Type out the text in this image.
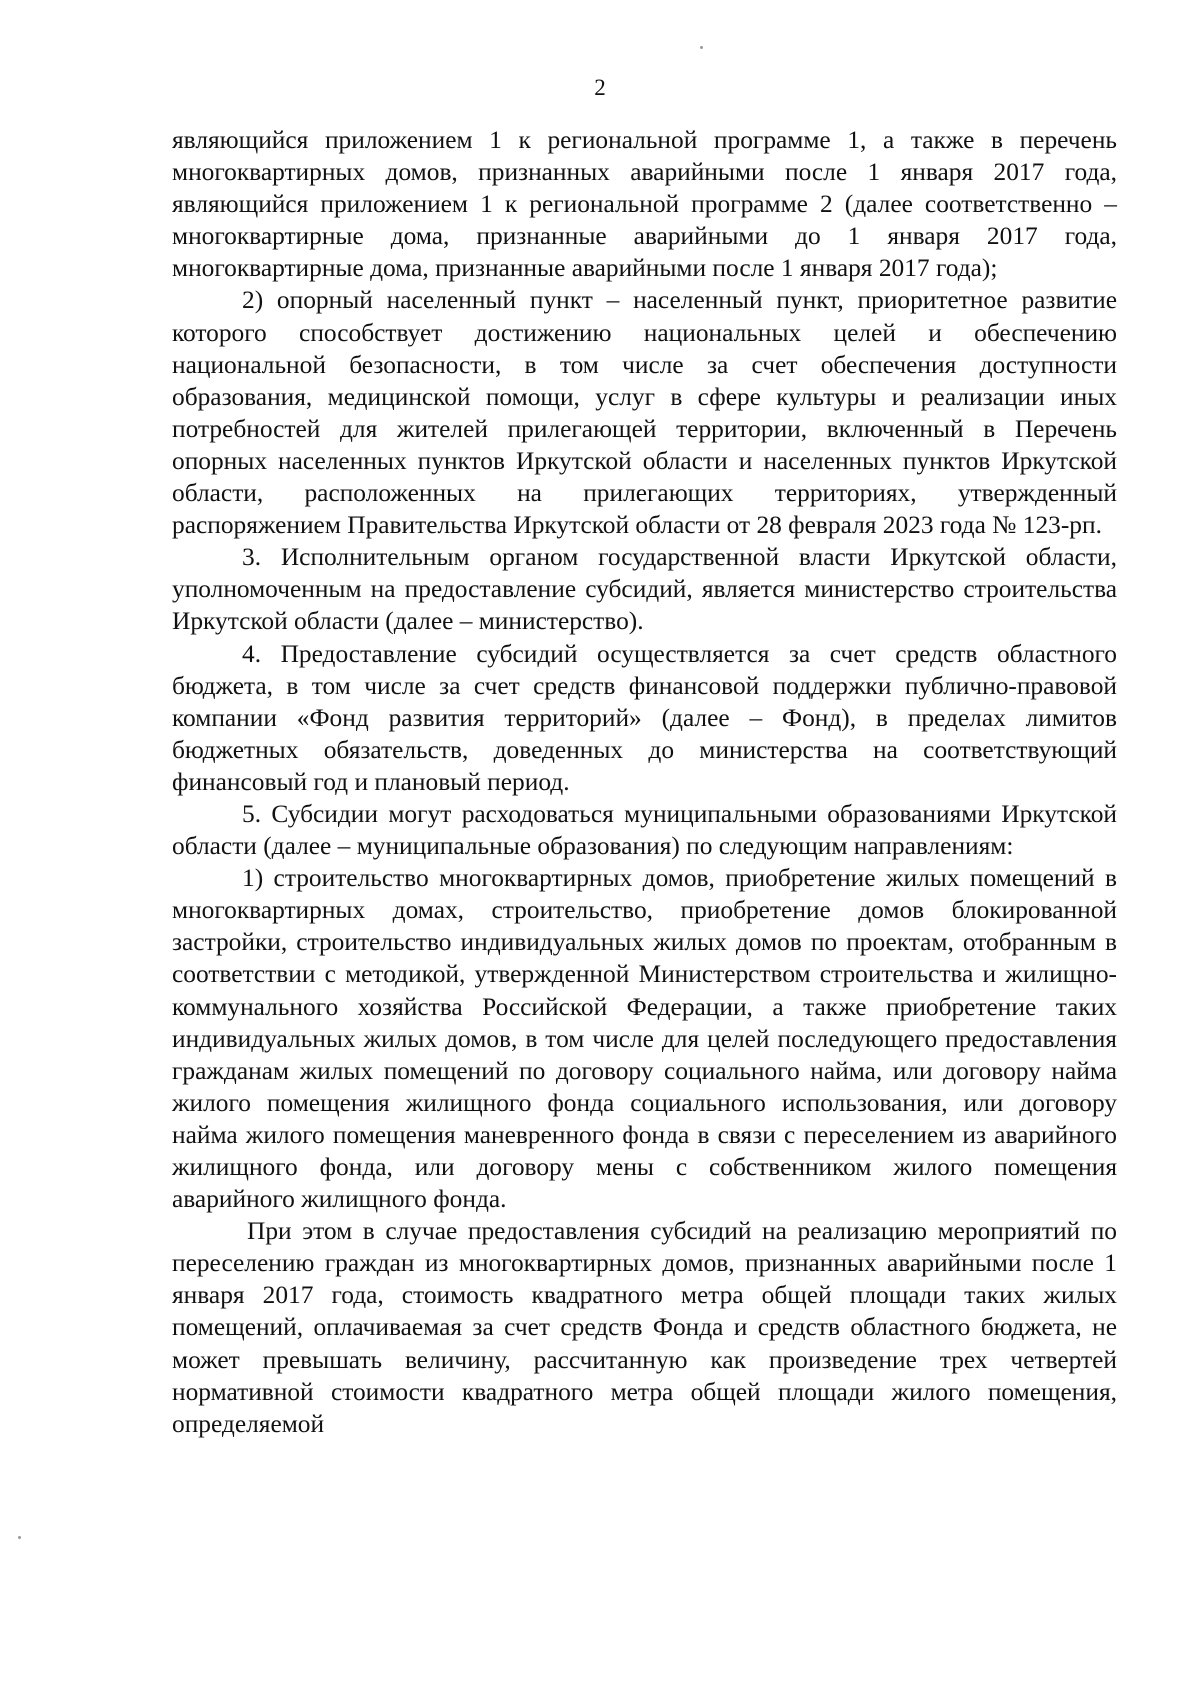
2

являющийся приложением 1 к региональной программе 1, а также в перечень многоквартирных домов, признанных аварийными после 1 января 2017 года, являющийся приложением 1 к региональной программе 2 (далее соответственно – многоквартирные дома, признанные аварийными до 1 января 2017 года, многоквартирные дома, признанные аварийными после 1 января 2017 года);

2) опорный населенный пункт – населенный пункт, приоритетное развитие которого способствует достижению национальных целей и обеспечению национальной безопасности, в том числе за счет обеспечения доступности образования, медицинской помощи, услуг в сфере культуры и реализации иных потребностей для жителей прилегающей территории, включенный в Перечень опорных населенных пунктов Иркутской области и населенных пунктов Иркутской области, расположенных на прилегающих территориях, утвержденный распоряжением Правительства Иркутской области от 28 февраля 2023 года № 123-рп.

3. Исполнительным органом государственной власти Иркутской области, уполномоченным на предоставление субсидий, является министерство строительства Иркутской области (далее – министерство).

4. Предоставление субсидий осуществляется за счет средств областного бюджета, в том числе за счет средств финансовой поддержки публично-правовой компании «Фонд развития территорий» (далее – Фонд), в пределах лимитов бюджетных обязательств, доведенных до министерства на соответствующий финансовый год и плановый период.

5. Субсидии могут расходоваться муниципальными образованиями Иркутской области (далее – муниципальные образования) по следующим направлениям:

1) строительство многоквартирных домов, приобретение жилых помещений в многоквартирных домах, строительство, приобретение домов блокированной застройки, строительство индивидуальных жилых домов по проектам, отобранным в соответствии с методикой, утвержденной Министерством строительства и жилищно-коммунального хозяйства Российской Федерации, а также приобретение таких индивидуальных жилых домов, в том числе для целей последующего предоставления гражданам жилых помещений по договору социального найма, или договору найма жилого помещения жилищного фонда социального использования, или договору найма жилого помещения маневренного фонда в связи с переселением из аварийного жилищного фонда, или договору мены с собственником жилого помещения аварийного жилищного фонда.

При этом в случае предоставления субсидий на реализацию мероприятий по переселению граждан из многоквартирных домов, признанных аварийными после 1 января 2017 года, стоимость квадратного метра общей площади таких жилых помещений, оплачиваемая за счет средств Фонда и средств областного бюджета, не может превышать величину, рассчитанную как произведение трех четвертей нормативной стоимости квадратного метра общей площади жилого помещения, определяемой
